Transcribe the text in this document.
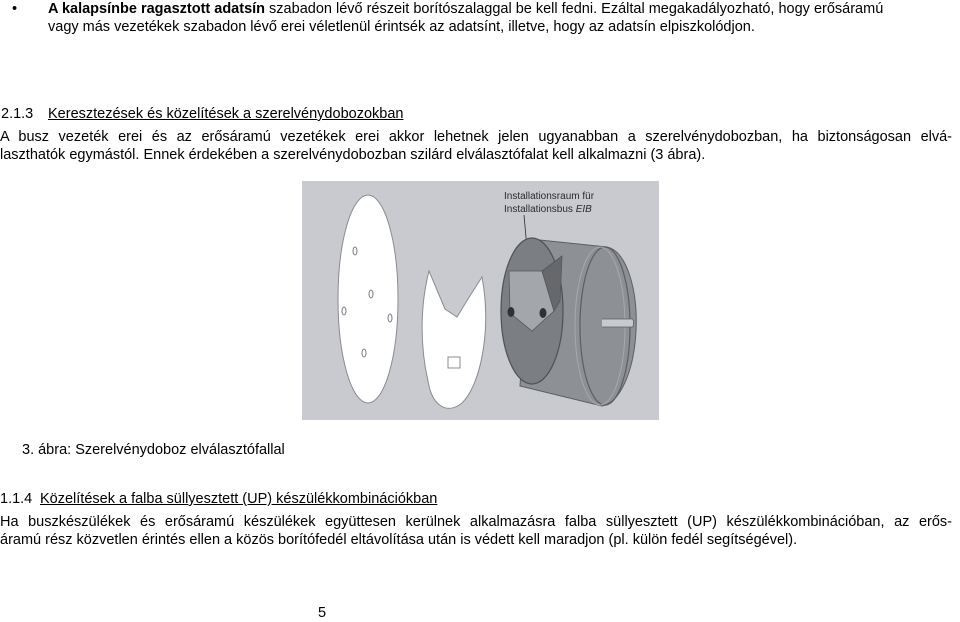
• A kalapsínbe ragasztott adatsín szabadon lévő részeit borítószalaggal be kell fedni. Ezáltal megakadályozható, hogy erősáramú
vagy más vezetékek szabadon lévő erei véletlenül érintsék az adatsínt, illetve, hogy az adatsín elpiszkolódjon.
2.1.3 Keresztezések és közelítések a szerelvénydobozokban
A busz vezeték erei és az erősáramú vezetékek erei akkor lehetnek jelen ugyanabban a szerelvénydobozban, ha biztonságosan elvá-
laszthatók egymástól. Ennek érdekében a szerelvénydobozban szilárd elválasztófalat kell alkalmazni (3 ábra).
Installationsraum für
Installationsbus EIB
3. ábra: Szerelvénydoboz elválasztófallal
1.1.4 Közelítések a falba süllyesztett (UP) készülékkombinációkban
Ha buszkészülékek és erősáramú készülékek együttesen kerülnek alkalmazásra falba süllyesztett (UP) készülékkombinációban, az erős-
áramú rész közvetlen érintés ellen a közös borítófedél eltávolítása után is védett kell maradjon (pl. külön fedél segítségével).
5
